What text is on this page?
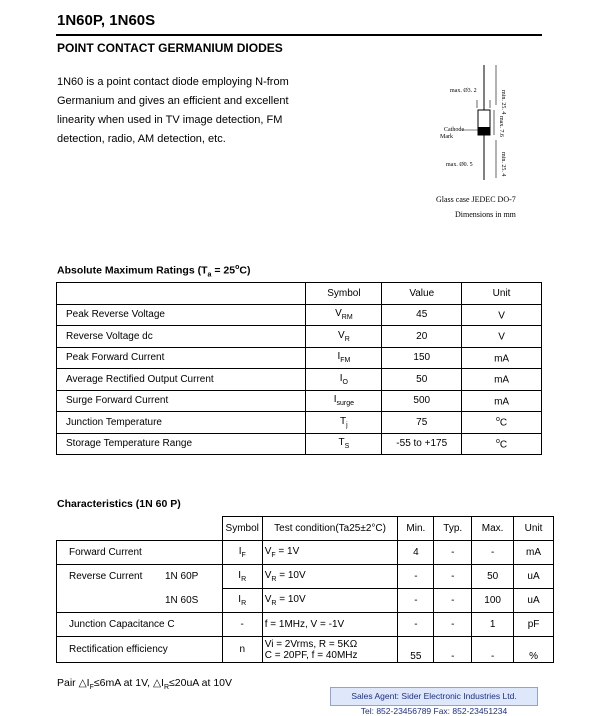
1N60P, 1N60S
POINT CONTACT GERMANIUM DIODES
1N60 is a point contact diode employing N-from Germanium and gives an efficient and excellent linearity when used in TV image detection, FM detection, radio, AM detection, etc.
max. Ø3. 2	min. 25. 4
max. 7.6
Cathode
Mark
max. Ø0. 5	min. 25. 4
Glass case JEDEC DO-7
Dimensions in mm
Absolute Maximum Ratings $(T_a = 25^oC)$
	Symbol	Value	Unit
Peak Reverse Voltage	$V_{RM}$	45	V
Reverse Voltage dc	$V_R$	20	V
Peak Forward Current	$I_{FM}$	150	mA
Average Rectified Output Current	$I_O$	50	mA
Surge Forward Current	$I_{surge}$	500	mA
Junction Temperature	$T_j$	75	$^o$C
Storage Temperature Range	$T_S$	-55 to +175	$^o$C
Characteristics (1N 60 P)
	Symbol	Test condition(Ta25±2°C)	Min.	Typ.	Max.	Unit
Forward Current	$I_F$	$V_F = 1V$	4	-	-	mA
Reverse Current 1N 60P	$I_R$	$V_R = 10V$	-	-	50	uA
1N 60S	$I_R$	$V_R = 10V$	-	-	100	uA
Junction Capacitance C	-	f = 1MHz, V = -1V	-	-	1	pF
Rectification efficiency	n	Vi = 2Vrms, R = 5KΩ
C = 20PF, f = 40MHz	55	-	-	%
Pair $\triangle I_F\le 6mA$ at 1V, $\triangle I_R\le 20uA$ at 10V
Sales Agent: Sider Electronic Industries Ltd.
Tel: 852-23456789 Fax: 852-23451234
